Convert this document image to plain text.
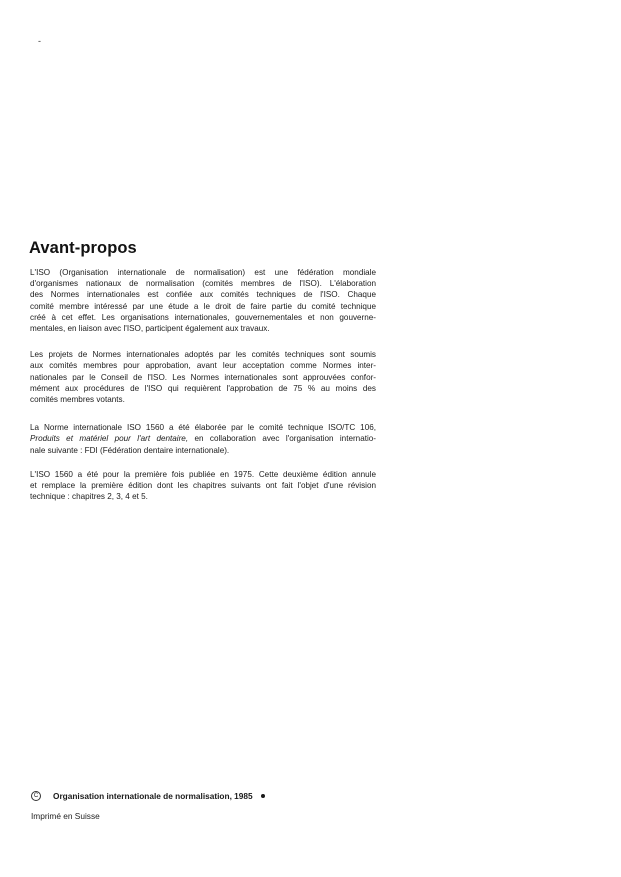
-
Avant-propos

L'ISO (Organisation internationale de normalisation) est une fédération mondiale
d'organismes nationaux de normalisation (comités membres de l'ISO). L'élaboration
des Normes internationales est confiée aux comités techniques de l'ISO. Chaque
comité membre intéressé par une étude a le droit de faire partie du comité technique
créé à cet effet. Les organisations internationales, gouvernementales et non gouverne-
mentales, en liaison avec l'ISO, participent également aux travaux.

Les projets de Normes internationales adoptés par les comités techniques sont soumis
aux comités membres pour approbation, avant leur acceptation comme Normes inter-
nationales par le Conseil de l'ISO. Les Normes internationales sont approuvées confor-
mément aux procédures de l'ISO qui requièrent l'approbation de 75 % au moins des
comités membres votants.

La Norme internationale ISO 1560 a été élaborée par le comité technique ISO/TC 106,
Produits et matériel pour l'art dentaire, en collaboration avec l'organisation internatio-
nale suivante : FDI (Fédération dentaire internationale).

L'ISO 1560 a été pour la première fois publiée en 1975. Cette deuxième édition annule
et remplace la première édition dont les chapitres suivants ont fait l'objet d'une révision
technique : chapitres 2, 3, 4 et 5.

C	Organisation internationale de normalisation, 1985
Imprimé en Suisse
